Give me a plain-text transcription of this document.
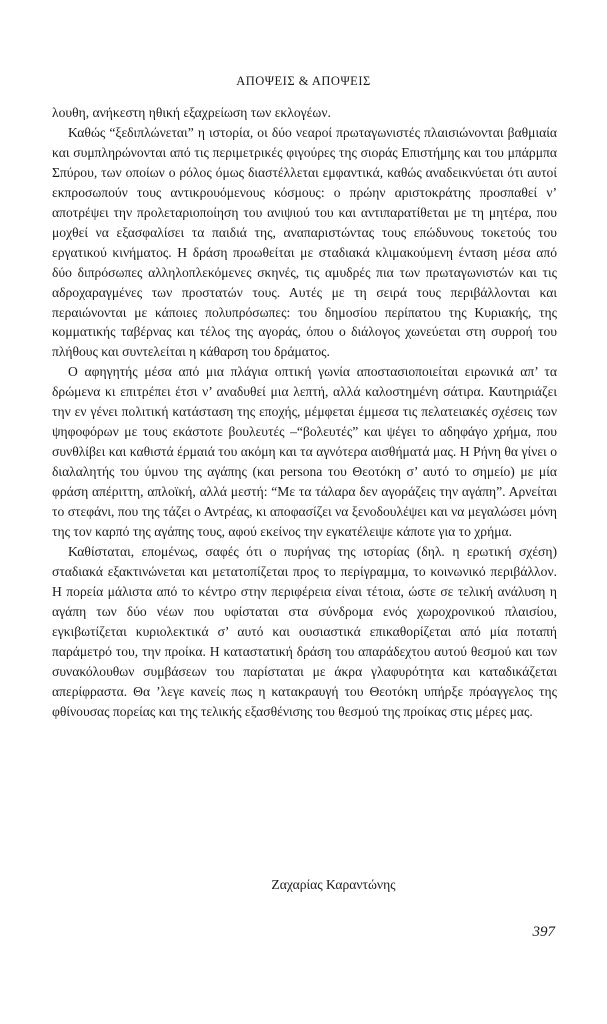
ΑΠΟΨΕΙΣ & ΑΠΟΨΕΙΣ

λουθη, ανήκεστη ηθική εξαχρείωση των εκλογέων.

Καθώς “ξεδιπλώνεται” η ιστορία, οι δύο νεαροί πρωταγωνιστές πλαισιώνονται βαθμιαία και συμπληρώνονται από τις περιμετρικές φιγούρες της σιοράς Επιστήμης και του μπάρμπα Σπύρου, των οποίων ο ρόλος όμως διαστέλλεται εμφαντικά, καθώς αναδεικνύεται ότι αυτοί εκπροσωπούν τους αντικρουόμενους κόσμους: ο πρώην αριστοκράτης προσπαθεί ν’ αποτρέψει την προλεταριοποίηση του ανιψιού του και αντιπαρατίθεται με τη μητέρα, που μοχθεί να εξασφαλίσει τα παιδιά της, αναπαριστώντας τους επώδυνους τοκετούς του εργατικού κινήματος. Η δράση προωθείται με σταδιακά κλιμακούμενη ένταση μέσα από δύο διπρόσωπες αλληλοπλεκόμενες σκηνές, τις αμυδρές πια των πρωταγωνιστών και τις αδροχαραγμένες των προστατών τους. Αυτές με τη σειρά τους περιβάλλονται και περαιώνονται με κάποιες πολυπρόσωπες: του δημοσίου περίπατου της Κυριακής, της κομματικής ταβέρνας και τέλος της αγοράς, όπου ο διάλογος χωνεύεται στη συρροή του πλήθους και συντελείται η κάθαρση του δράματος.

Ο αφηγητής μέσα από μια πλάγια οπτική γωνία αποστασιοποιείται ειρωνικά απ’ τα δρώμενα κι επιτρέπει έτσι ν’ αναδυθεί μια λεπτή, αλλά καλοστημένη σάτιρα. Καυτηριάζει την εν γένει πολιτική κατάσταση της εποχής, μέμφεται έμμεσα τις πελατειακές σχέσεις των ψηφοφόρων με τους εκάστοτε βουλευτές –“βολευτές” και ψέγει το αδηφάγο χρήμα, που συνθλίβει και καθιστά έρμαιά του ακόμη και τα αγνότερα αισθήματά μας. Η Ρήνη θα γίνει ο διαλαλητής του ύμνου της αγάπης (και persona του Θεοτόκη σ’ αυτό το σημείο) με μία φράση απέριττη, απλοϊκή, αλλά μεστή: “Με τα τάλαρα δεν αγοράζεις την αγάπη”. Αρνείται το στεφάνι, που της τάζει ο Αντρέας, κι αποφασίζει να ξενοδουλέψει και να μεγαλώσει μόνη της τον καρπό της αγάπης τους, αφού εκείνος την εγκατέλειψε κάποτε για το χρήμα.

Καθίσταται, επομένως, σαφές ότι ο πυρήνας της ιστορίας (δηλ. η ερωτική σχέση) σταδιακά εξακτινώνεται και μετατοπίζεται προς το περίγραμμα, το κοινωνικό περιβάλλον. Η πορεία μάλιστα από το κέντρο στην περιφέρεια είναι τέτοια, ώστε σε τελική ανάλυση η αγάπη των δύο νέων που υφίσταται στα σύνδρομα ενός χωροχρονικού πλαισίου, εγκιβωτίζεται κυριολεκτικά σ’ αυτό και ουσιαστικά επικαθορίζεται από μία ποταπή παράμετρό του, την προίκα. Η καταστατική δράση του απαράδεχτου αυτού θεσμού και των συνακόλουθων συμβάσεων του παρίσταται με άκρα γλαφυρότητα και καταδικάζεται απερίφραστα. Θα ’λεγε κανείς πως η κατακραυγή του Θεοτόκη υπήρξε πρόαγγελος της φθίνουσας πορείας και της τελικής εξασθένισης του θεσμού της προίκας στις μέρες μας.

Ζαχαρίας Καραντώνης
397
